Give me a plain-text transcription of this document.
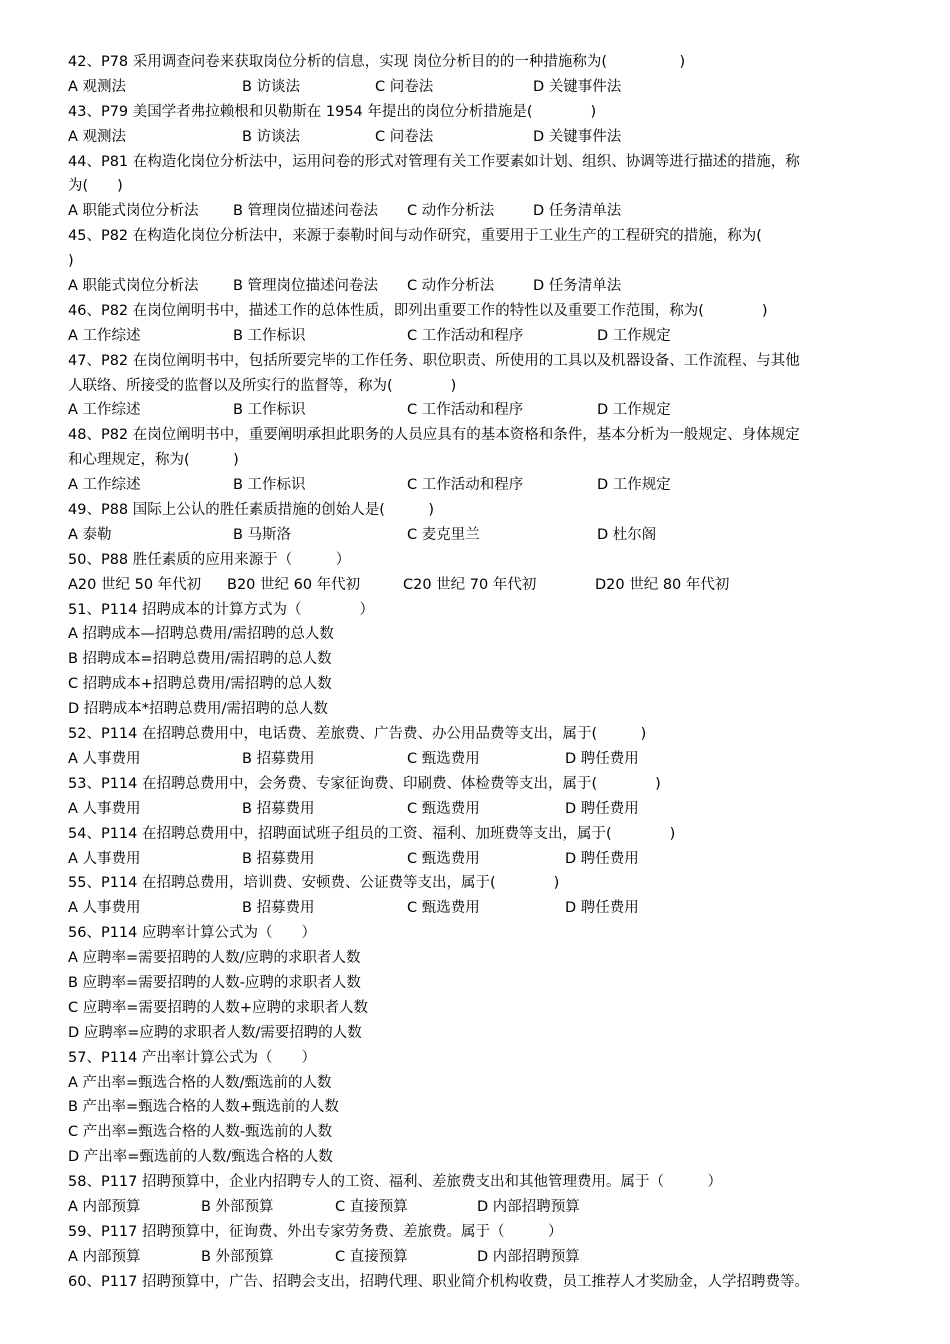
42、P78 采用调查问卷来获取岗位分析的信息，实现 岗位分析目的的一种措施称为(　　　　　)
A 观测法	B 访谈法	C 问卷法	D 关键事件法
43、P79 美国学者弗拉赖根和贝勒斯在 1954 年提出的岗位分析措施是(　　　　)
A 观测法	B 访谈法	C 问卷法	D 关键事件法
44、P81 在构造化岗位分析法中，运用问卷的形式对管理有关工作要素如计划、组织、协调等进行描述的措施，称
为(　　)
A 职能式岗位分析法 B 管理岗位描述问卷法 C 动作分析法	D 任务清单法
45、P82 在构造化岗位分析法中，来源于泰勒时间与动作研究，重要用于工业生产的工程研究的措施，称为(
)
A 职能式岗位分析法 B 管理岗位描述问卷法 C 动作分析法	D 任务清单法
46、P82 在岗位阐明书中，描述工作的总体性质，即列出重要工作的特性以及重要工作范围，称为(　　　　)
A 工作综述	B 工作标识	C 工作活动和程序	D 工作规定
47、P82 在岗位阐明书中，包括所要完毕的工作任务、职位职责、所使用的工具以及机器设备、工作流程、与其他
人联络、所接受的监督以及所实行的监督等，称为(　　　　)
A 工作综述	B 工作标识	C 工作活动和程序	D 工作规定
48、P82 在岗位阐明书中，重要阐明承担此职务的人员应具有的基本资格和条件，基本分析为一般规定、身体规定
和心理规定，称为(　　　)
A 工作综述	B 工作标识	C 工作活动和程序	D 工作规定
49、P88 国际上公认的胜任素质措施的创始人是(　　　)
A 泰勒	B 马斯洛	C 麦克里兰	D 杜尔阁
50、P88 胜任素质的应用来源于（　　　）
A20 世纪 50 年代初 B20 世纪 60 年代初	C20 世纪 70 年代初	D20 世纪 80 年代初
51、P114 招聘成本的计算方式为（　　　　）
A 招聘成本—招聘总费用/需招聘的总人数
B 招聘成本=招聘总费用/需招聘的总人数
C 招聘成本+招聘总费用/需招聘的总人数
D 招聘成本*招聘总费用/需招聘的总人数
52、P114 在招聘总费用中，电话费、差旅费、广告费、办公用品费等支出，属于(　　　)
A 人事费用	B 招募费用	C 甄选费用	D 聘任费用
53、P114 在招聘总费用中，会务费、专家征询费、印刷费、体检费等支出，属于(　　　　)
A 人事费用	B 招募费用	C 甄选费用	D 聘任费用
54、P114 在招聘总费用中，招聘面试班子组员的工资、福利、加班费等支出，属于(　　　　)
A 人事费用	B 招募费用	C 甄选费用	D 聘任费用
55、P114 在招聘总费用，培训费、安顿费、公证费等支出，属于(　　　　)
A 人事费用	B 招募费用	C 甄选费用	D 聘任费用
56、P114 应聘率计算公式为（　　）
A 应聘率=需要招聘的人数/应聘的求职者人数
B 应聘率=需要招聘的人数-应聘的求职者人数
C 应聘率=需要招聘的人数+应聘的求职者人数
D 应聘率=应聘的求职者人数/需要招聘的人数
57、P114 产出率计算公式为（　　）
A 产出率=甄选合格的人数/甄选前的人数
B 产出率=甄选合格的人数+甄选前的人数
C 产出率=甄选合格的人数-甄选前的人数
D 产出率=甄选前的人数/甄选合格的人数
58、P117 招聘预算中，企业内招聘专人的工资、福利、差旅费支出和其他管理费用。属于（　　　）
A 内部预算	B 外部预算	C 直接预算	D 内部招聘预算
59、P117 招聘预算中，征询费、外出专家劳务费、差旅费。属于（　　　）
A 内部预算	B 外部预算	C 直接预算	D 内部招聘预算
60、P117 招聘预算中，广告、招聘会支出，招聘代理、职业简介机构收费，员工推荐人才奖励金，人学招聘费等。
